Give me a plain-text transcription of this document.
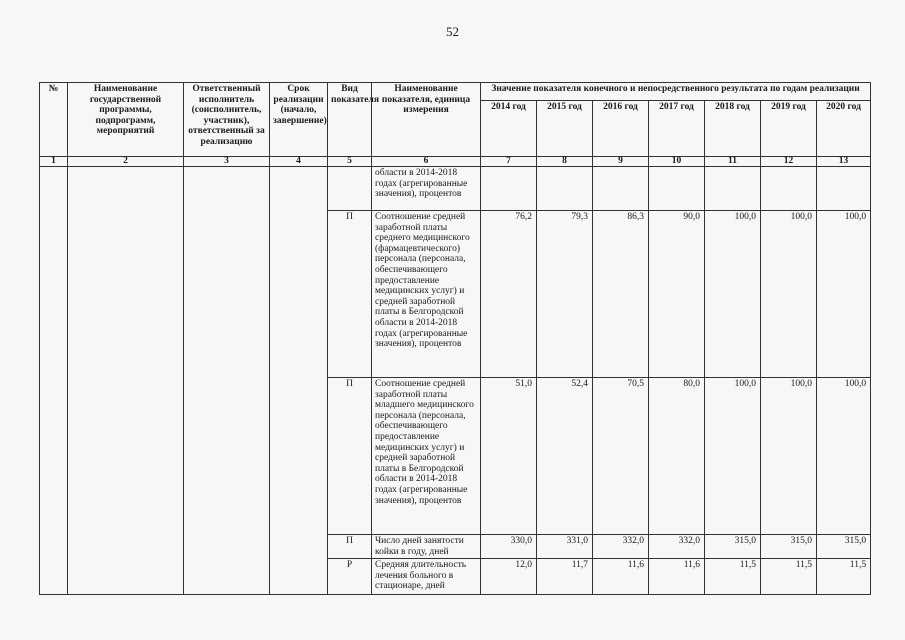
52
№	Наименование государственной программы, подпрограмм, мероприятий	Ответственный исполнитель (соисполнитель, участник), ответственный за реализацию	Срок реализации (начало, завершение)	Вид показателя	Наименование показателя, единица измерения	Значение показателя конечного и непосредственного результата по годам реализации						
						2014 год	2015 год	2016 год	2017 год	2018 год	2019 год	2020 год
1	2	3	4	5	6	7	8	9	10	11	12	13
					области в 2014-2018 годах (агрегированные значения), процентов							
				П	Соотношение средней заработной платы среднего медицинского (фармацевтического) персонала (персонала, обеспечивающего предоставление медицинских услуг) и средней заработной платы в Белгородской области в 2014-2018 годах (агрегированные значения), процентов	76,2	79,3	86,3	90,0	100,0	100,0	100,0
				П	Соотношение средней заработной платы младшего медицинского персонала (персонала, обеспечивающего предоставление медицинских услуг) и средней заработной платы в Белгородской области в 2014-2018 годах (агрегированные значения), процентов	51,0	52,4	70,5	80,0	100,0	100,0	100,0
				П	Число дней занятости койки в году, дней	330,0	331,0	332,0	332,0	315,0	315,0	315,0
				Р	Средняя длительность лечения больного в стационаре, дней	12,0	11,7	11,6	11,6	11,5	11,5	11,5
